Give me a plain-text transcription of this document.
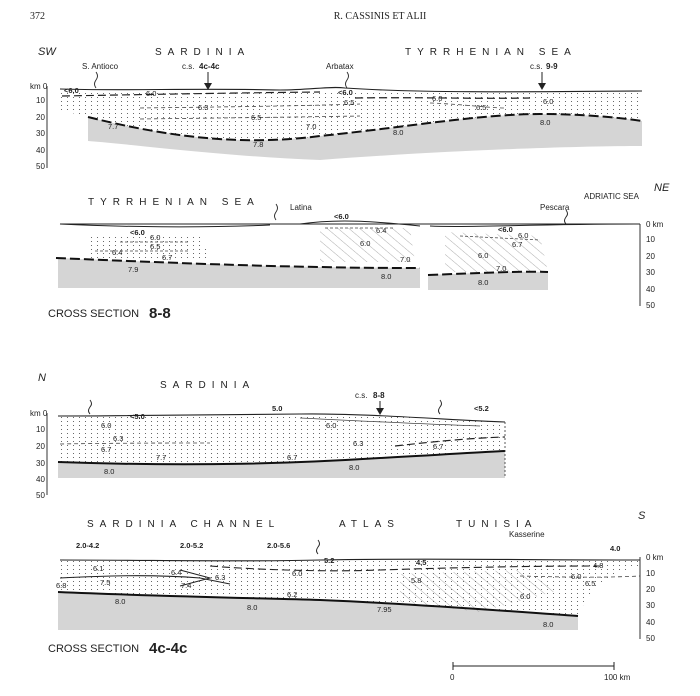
372	R. CASSINIS ET ALII
SW	SARDINIA	TYRRHENIAN SEA
S. Antioco	Arbatax
c.s. 4c-4c	c.s. 9-9
km 0
10
20
30
40
50
<6.0	6.0
6.3
6.5
<6.0
6.0
6.5
6.0
6.5
7.0
7.7
7.8
8.0
8.0
NE
TYRRHENIAN SEA
ADRIATIC SEA
Latina	Pescara
0 km
10
20
30
40
50
<6.0
6.0
6.5
6.4
6.7
7.9
<6.0
6.4
6.0
7.0
<6.0
6.0
6.7
6.0
7.0
8.0
8.0
CROSS SECTION 8-8
N
SARDINIA
c.s. 8-8
km 0
10
20
30
40
50
<5.0
5.0	<5.2
6.0
6.3
6.0
6.3
6.7
7.7	6.7
6.7
8.0	8.0
S
SARDINIA CHANNEL	ATLAS	TUNISIA
Kasserine
0 km
10
20
30
40
50
2.0-4.2	2.0-5.2	2.0-5.6
5.2	4.5
4.0
6.1	6.4
6.3	6.0
5.8
6.0
6.0
4.8
6.5
6.8	7.5	7.4
6.2
8.0
8.0	7.95
8.0
CROSS SECTION 4c-4c
0	100 km
